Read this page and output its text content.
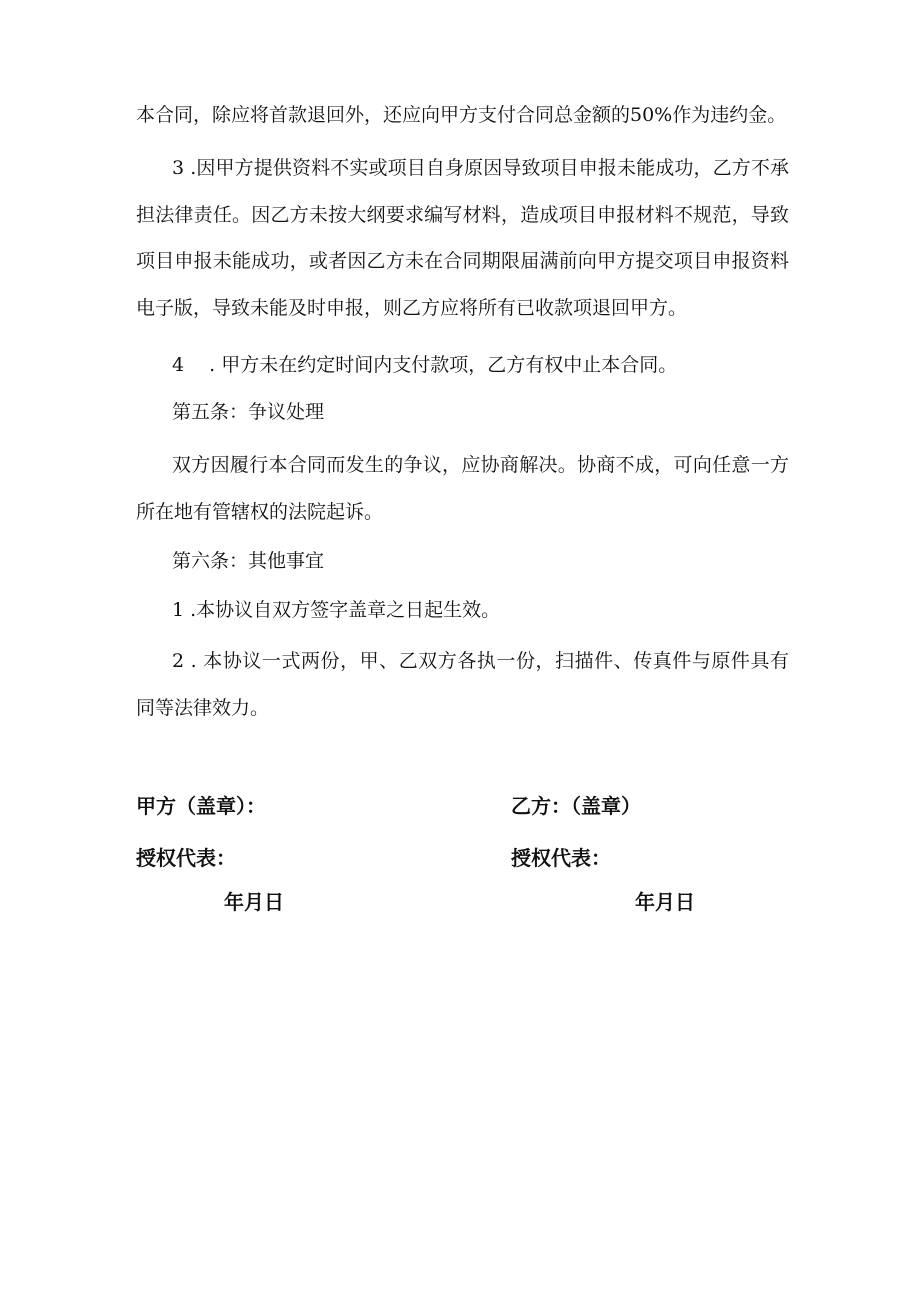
本合同，除应将首款退回外，还应向甲方支付合同总金额的50%作为违约金。

3 .因甲方提供资料不实或项目自身原因导致项目申报未能成功，乙方不承担法律责任。因乙方未按大纲要求编写材料，造成项目申报材料不规范，导致项目申报未能成功，或者因乙方未在合同期限届满前向甲方提交项目申报资料电子版，导致未能及时申报，则乙方应将所有已收款项退回甲方。

4　 . 甲方未在约定时间内支付款项，乙方有权中止本合同。

第五条：争议处理

双方因履行本合同而发生的争议，应协商解决。协商不成，可向任意一方所在地有管辖权的法院起诉。

第六条：其他事宜

1 .本协议自双方签字盖章之日起生效。

2 . 本协议一式两份，甲、乙双方各执一份，扫描件、传真件与原件具有同等法律效力。

甲方（盖章）：	乙方：（盖章）
授权代表：	授权代表：
年月日	年月日
